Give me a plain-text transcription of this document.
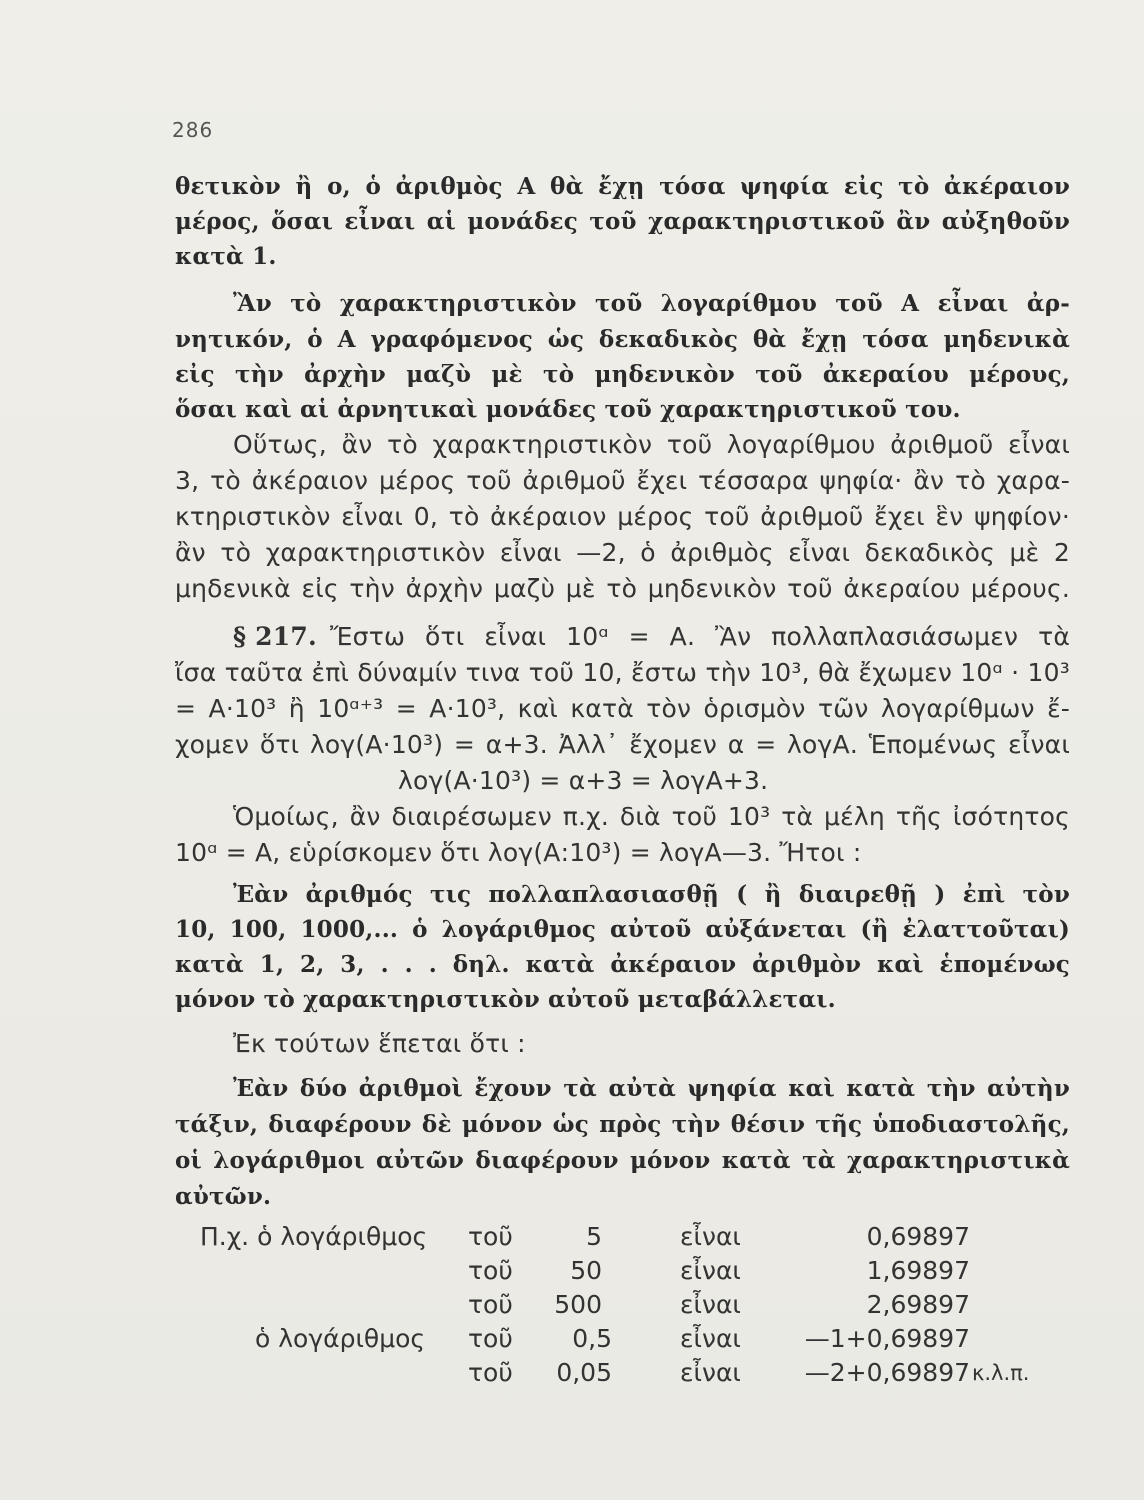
286
θετικὸν ἢ ο, ὁ ἀριθμὸς Α θὰ ἔχῃ τόσα ψηφία εἰς τὸ ἀκέραιον
μέρος, ὅσαι εἶναι αἱ μονάδες τοῦ χαρακτηριστικοῦ ἂν αὐξηθοῦν
κατὰ 1.
Ἂν τὸ χαρακτηριστικὸν τοῦ λογαρίθμου τοῦ Α εἶναι ἀρ-
νητικόν, ὁ Α γραφόμενος ὡς δεκαδικὸς θὰ ἔχῃ τόσα μηδενικὰ
εἰς τὴν ἀρχὴν μαζὺ μὲ τὸ μηδενικὸν τοῦ ἀκεραίου μέρους,
ὅσαι καὶ αἱ ἀρνητικαὶ μονάδες τοῦ χαρακτηριστικοῦ του.
Οὕτως, ἂν τὸ χαρακτηριστικὸν τοῦ λογαρίθμου ἀριθμοῦ εἶναι
3, τὸ ἀκέραιον μέρος τοῦ ἀριθμοῦ ἔχει τέσσαρα ψηφία· ἂν τὸ χαρα-
κτηριστικὸν εἶναι 0, τὸ ἀκέραιον μέρος τοῦ ἀριθμοῦ ἔχει ἓν ψηφίον·
ἂν τὸ χαρακτηριστικὸν εἶναι —2, ὁ ἀριθμὸς εἶναι δεκαδικὸς μὲ 2
μηδενικὰ εἰς τὴν ἀρχὴν μαζὺ μὲ τὸ μηδενικὸν τοῦ ἀκεραίου μέρους.
§ 217. Ἔστω ὅτι εἶναι 10ᵅ = Α. Ἂν πολλαπλασιάσωμεν τὰ
ἴσα ταῦτα ἐπὶ δύναμίν τινα τοῦ 10, ἔστω τὴν 10³, θὰ ἔχωμεν 10ᵅ · 10³
= Α·10³ ἢ 10ᵅ⁺³ = Α·10³, καὶ κατὰ τὸν ὁρισμὸν τῶν λογαρίθμων ἔ-
χομεν ὅτι λογ(Α·10³) = α+3. Ἀλλ᾽ ἔχομεν α = λογΑ. Ἑπομένως εἶναι
λογ(Α·10³) = α+3 = λογΑ+3.
Ὁμοίως, ἂν διαιρέσωμεν π.χ. διὰ τοῦ 10³ τὰ μέλη τῆς ἰσότητος
10ᵅ = Α, εὑρίσκομεν ὅτι λογ(Α:10³) = λογΑ—3. Ἤτοι :
Ἐὰν ἀριθμός τις πολλαπλασιασθῇ ( ἢ διαιρεθῇ ) ἐπὶ τὸν
10, 100, 1000,... ὁ λογάριθμος αὐτοῦ αὐξάνεται (ἢ ἐλαττοῦται)
κατὰ 1, 2, 3, . . . δηλ. κατὰ ἀκέραιον ἀριθμὸν καὶ ἑπομένως
μόνον τὸ χαρακτηριστικὸν αὐτοῦ μεταβάλλεται.
Ἐκ τούτων ἕπεται ὅτι :
Ἐὰν δύο ἀριθμοὶ ἔχουν τὰ αὐτὰ ψηφία καὶ κατὰ τὴν αὐτὴν
τάξιν, διαφέρουν δὲ μόνον ὡς πρὸς τὴν θέσιν τῆς ὑποδιαστολῆς,
οἱ λογάριθμοι αὐτῶν διαφέρουν μόνον κατὰ τὰ χαρακτηριστικὰ
αὐτῶν.
Π.χ. ὁ λογάριθμος τοῦ	5	εἶναι	0,69897
τοῦ	50	εἶναι	1,69897
τοῦ	500	εἶναι	2,69897
ὁ λογάριθμος τοῦ	0,5	εἶναι	—1+0,69897
τοῦ	0,05	εἶναι	—2+0,69897 κ.λ.π.
